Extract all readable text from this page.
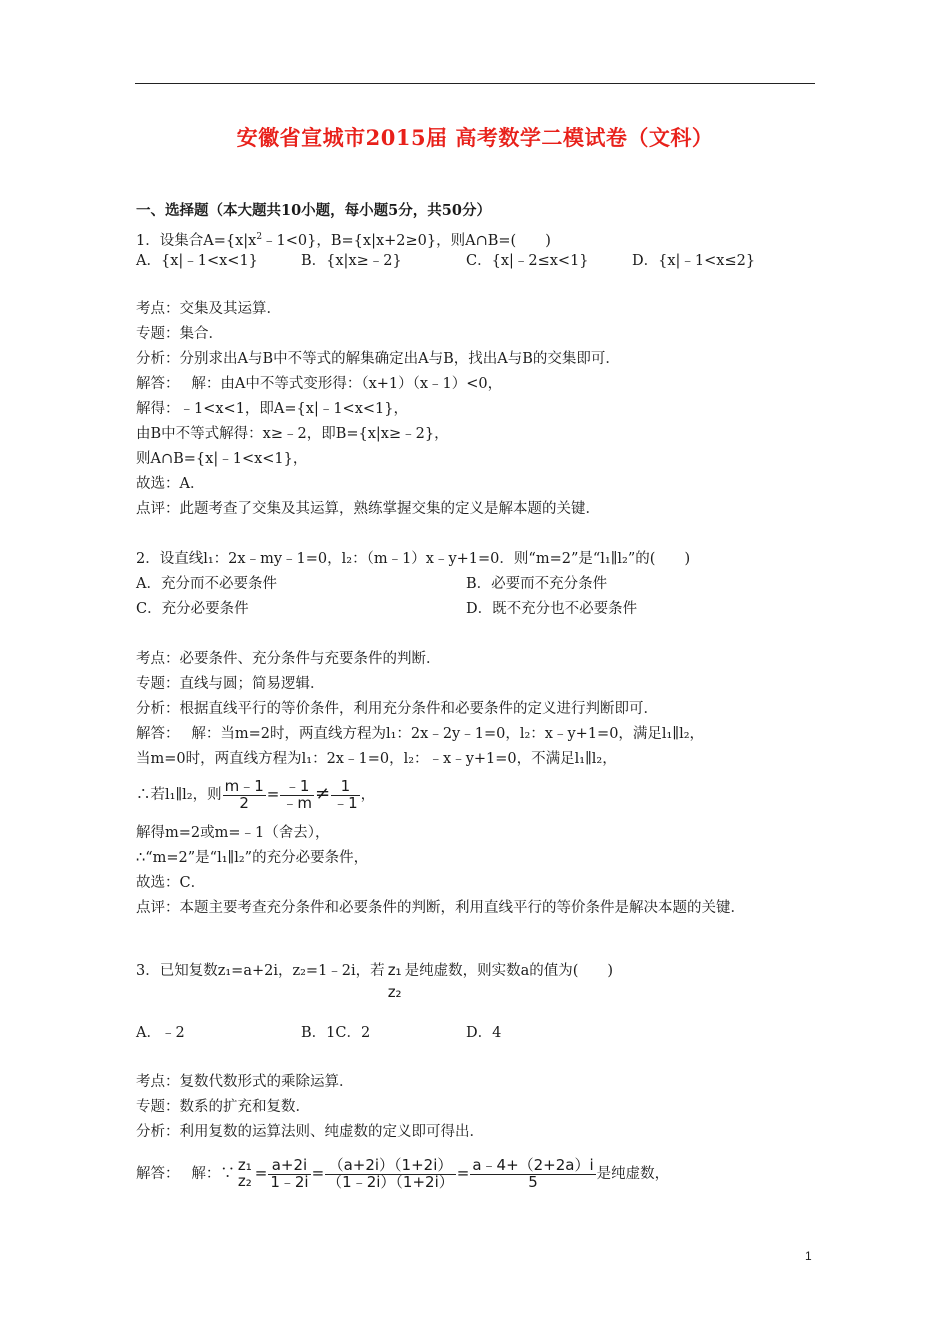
安徽省宣城市2015届 高考数学二模试卷（文科）
一、选择题（本大题共10小题，每小题5分，共50分）
1．设集合$A=\{x|x^2﹣1<0\}$，B={x|x+2≥0}，则A∩B=(　　)
A．{x|﹣1<x<1}	B．{x|x≥﹣2}	C．{x|﹣2≤x<1}	D．{x|﹣1<x≤2}
考点：交集及其运算．
专题：集合．
分析：分别求出A与B中不等式的解集确定出A与B，找出A与B的交集即可．
解答：　 解：由A中不等式变形得：（x+1）（x﹣1）<0，
解得：﹣1<x<1，即A={x|﹣1<x<1}，
由B中不等式解得：x≥﹣2，即B={x|x≥﹣2}，
则A∩B={x|﹣1<x<1}，
故选：A．
点评：此题考查了交集及其运算，熟练掌握交集的定义是解本题的关键．
2．设直线l₁：2x﹣my﹣1=0，l₂：（m﹣1）x﹣y+1=0．则“m=2”是“l₁∥l₂”的(　　)
A．充分而不必要条件	B．必要而不充分条件
C．充分必要条件	D．既不充分也不必要条件
考点：必要条件、充分条件与充要条件的判断．
专题：直线与圆；简易逻辑．
分析：根据直线平行的等价条件，利用充分条件和必要条件的定义进行判断即可．
解答：　 解：当m=2时，两直线方程为l₁：2x﹣2y﹣1=0，l₂：x﹣y+1=0，满足l₁∥l₂，
当m=0时，两直线方程为l₁：2x﹣1=0，l₂：﹣x﹣y+1=0，不满足l₁∥l₂，
∴若l₁∥l₂，则 $\frac{m﹣1}{2} = \frac{﹣1}{﹣m} \ne \frac{1}{﹣1}$ ，
解得m=2或m=﹣1（舍去），
∴“m=2”是“l₁∥l₂”的充分必要条件，
故选：C．
点评：本题主要考查充分条件和必要条件的判断，利用直线平行的等价条件是解决本题的关键．
3．已知复数z₁=a+2i，z₂=1﹣2i，若 z₁
z₂
是纯虚数，则实数a的值为(　　)
A．﹣2	B．1C．2	D．4
考点：复数代数形式的乘除运算．
专题：数系的扩充和复数．
分析：利用复数的运算法则、纯虚数的定义即可得出．
解答：　 解：∵ z₁
$z_2 = \frac{a+2i}{1﹣2i} = \frac{(a+2i)(1+2i)}{(1﹣2i)(1+2i)} = \frac{a﹣4+(2+2a)i}{5}$ 是纯虚数，
1
